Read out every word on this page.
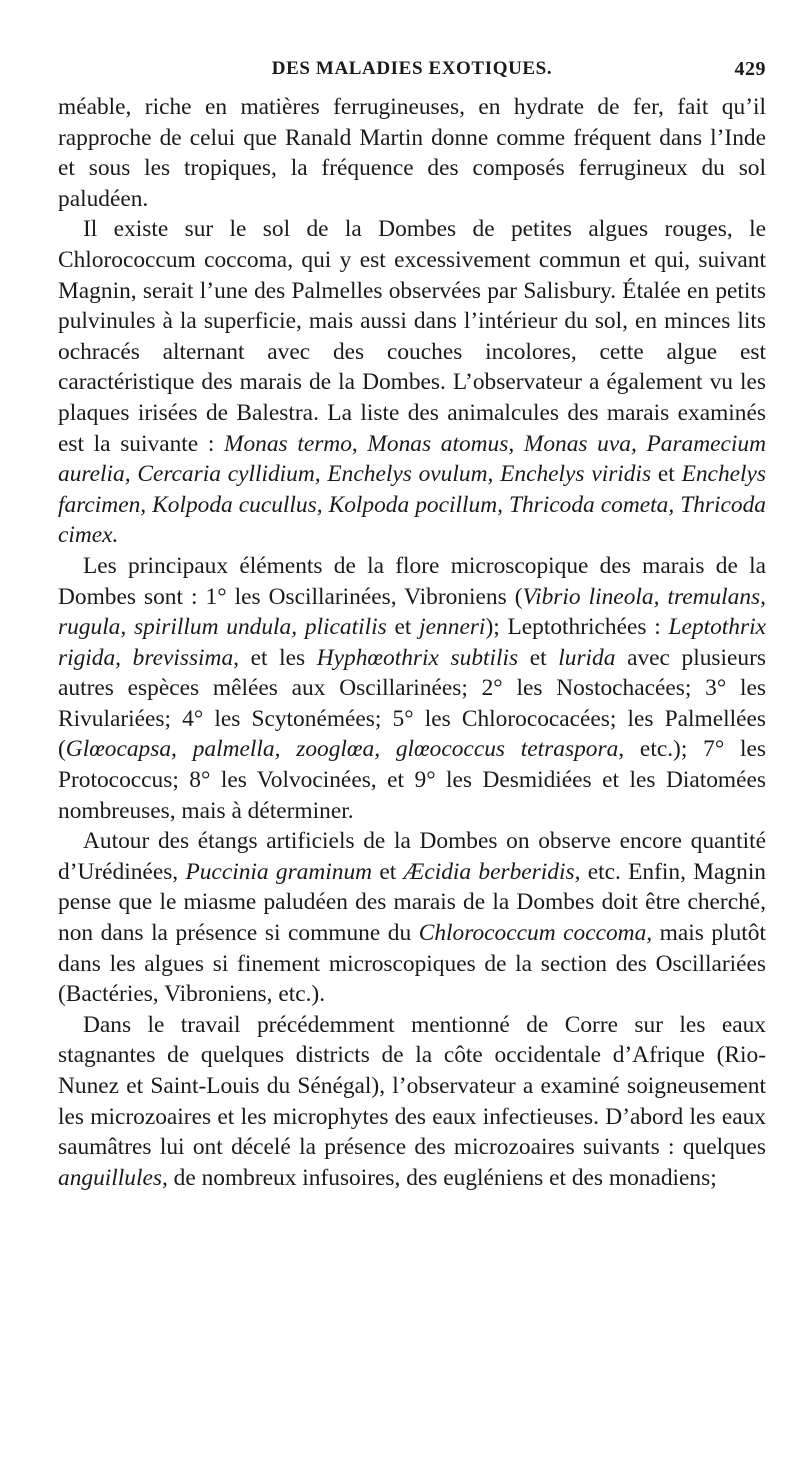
DES MALADIES EXOTIQUES.	429

méable, riche en matières ferrugineuses, en hydrate de fer, fait qu’il rapproche de celui que Ranald Martin donne comme fréquent dans l’Inde et sous les tropiques, la fréquence des composés ferrugineux du sol paludéen.

Il existe sur le sol de la Dombes de petites algues rouges, le Chlorococcum coccoma, qui y est excessivement commun et qui, suivant Magnin, serait l’une des Palmelles observées par Salisbury. Étalée en petits pulvinules à la superficie, mais aussi dans l’intérieur du sol, en minces lits ochracés alternant avec des couches incolores, cette algue est caractéristique des marais de la Dombes. L’observateur a également vu les plaques irisées de Balestra. La liste des animalcules des marais examinés est la suivante : Monas termo, Monas atomus, Monas uva, Paramecium aurelia, Cercaria cyllidium, Enchelys ovulum, Enchelys viridis et Enchelys farcimen, Kolpoda cucullus, Kolpoda pocillum, Thricoda cometa, Thricoda cimex.

Les principaux éléments de la flore microscopique des marais de la Dombes sont : 1° les Oscillarinées, Vibroniens (Vibrio lineola, tremulans, rugula, spirillum undula, plicatilis et jenneri); Leptothrichées : Leptothrix rigida, brevissima, et les Hyphœothrix subtilis et lurida avec plusieurs autres espèces mêlées aux Oscillarinées; 2° les Nostochacées; 3° les Rivulariées; 4° les Scytonémées; 5° les Chlorococacées; les Palmellées (Glœocapsa, palmella, zooglœa, glœococcus tetraspora, etc.); 7° les Protococcus; 8° les Volvocinées, et 9° les Desmidiées et les Diatomées nombreuses, mais à déterminer.

Autour des étangs artificiels de la Dombes on observe encore quantité d’Urédinées, Puccinia graminum et Æcidia berberidis, etc. Enfin, Magnin pense que le miasme paludéen des marais de la Dombes doit être cherché, non dans la présence si commune du Chlorococcum coccoma, mais plutôt dans les algues si finement microscopiques de la section des Oscillariées (Bactéries, Vibroniens, etc.).

Dans le travail précédemment mentionné de Corre sur les eaux stagnantes de quelques districts de la côte occidentale d’Afrique (Rio-Nunez et Saint-Louis du Sénégal), l’observateur a examiné soigneusement les microzoaires et les microphytes des eaux infectieuses. D’abord les eaux saumâtres lui ont décelé la présence des microzoaires suivants : quelques anguillules, de nombreux infusoires, des eugléniens et des monadiens;
